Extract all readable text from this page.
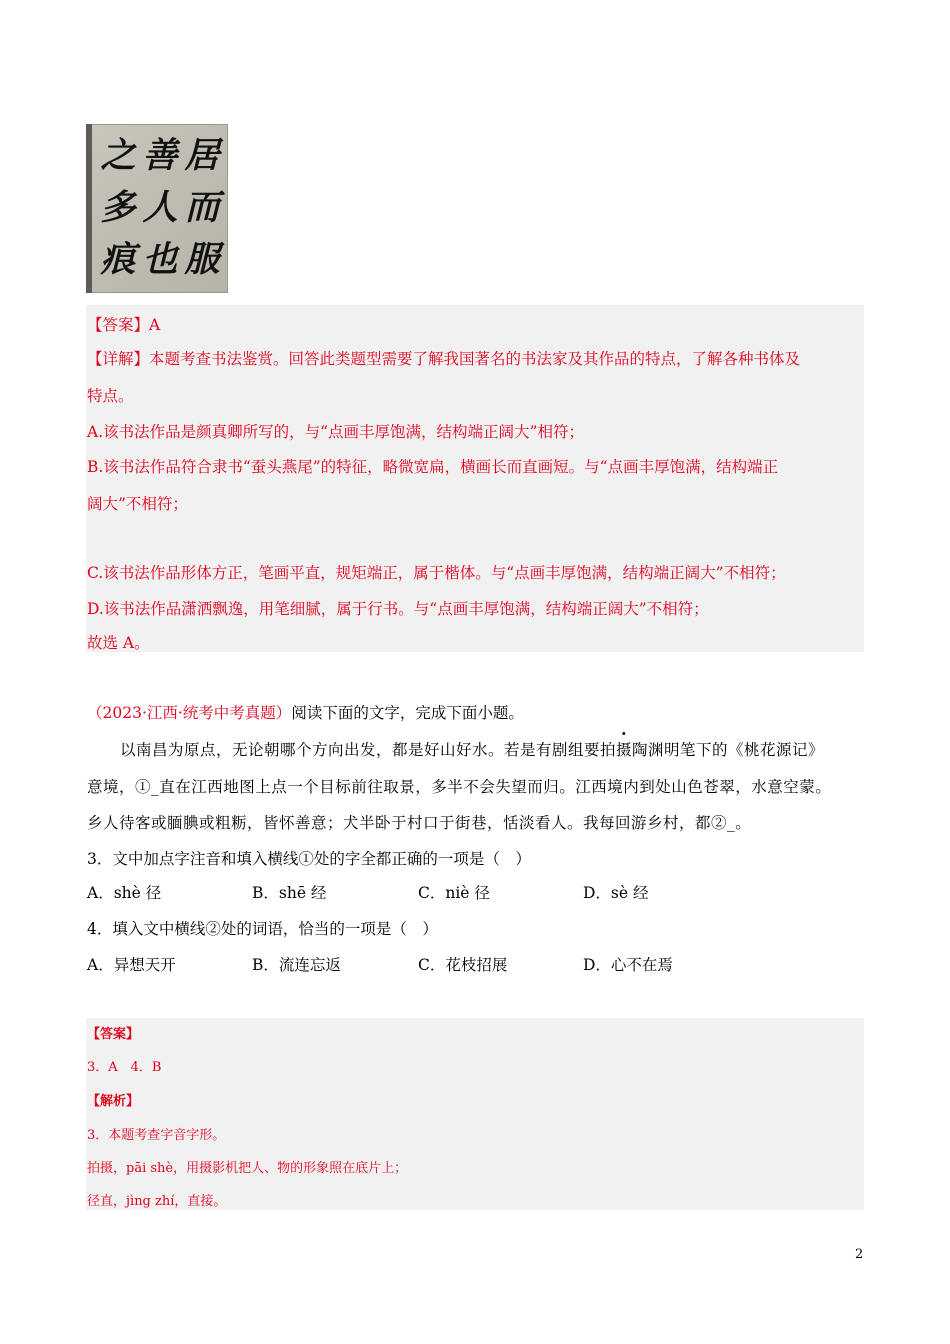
居
而
服
善
人
也
之
多
痕
【答案】A
【详解】本题考查书法鉴赏。回答此类题型需要了解我国著名的书法家及其作品的特点，了解各种书体及
特点。
A.该书法作品是颜真卿所写的，与“点画丰厚饱满，结构端正阔大”相符；
B.该书法作品符合隶书“蚕头燕尾”的特征，略微宽扁，横画长而直画短。与“点画丰厚饱满，结构端正
阔大”不相符；
C.该书法作品形体方正，笔画平直，规矩端正，属于楷体。与“点画丰厚饱满，结构端正阔大”不相符；
D.该书法作品潇洒飘逸，用笔细腻，属于行书。与“点画丰厚饱满，结构端正阔大”不相符；
故选 A。
（2023·江西·统考中考真题）阅读下面的文字，完成下面小题。
以南昌为原点，无论朝哪个方向出发，都是好山好水。若是有剧组要拍摄陶渊明笔下的《桃花源记》
意境，①_直在江西地图上点一个目标前往取景，多半不会失望而归。江西境内到处山色苍翠，水意空蒙。
乡人待客或腼腆或粗粝，皆怀善意；犬半卧于村口于街巷，恬淡看人。我每回游乡村，都②_。
3．文中加点字注音和填入横线①处的字全都正确的一项是（　）
A．shè 径	B．shē 经	C．niè 径	D．sè 经
4．填入文中横线②处的词语，恰当的一项是（　）
A．异想天开	B．流连忘返	C．花枝招展	D．心不在焉
【答案】
3．A　4．B
【解析】
3．本题考查字音字形。
拍摄，pāi shè，用摄影机把人、物的形象照在底片上；
径直，jìng zhí，直接。
2
